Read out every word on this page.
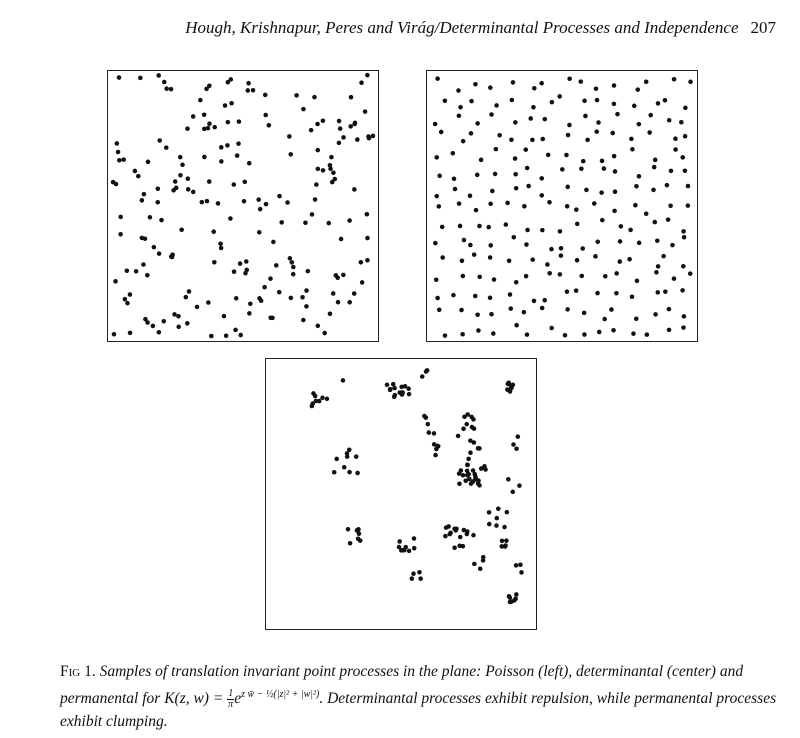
Hough, Krishnapur, Peres and Virág/Determinantal Processes and Independence 207
Fig 1. Samples of translation invariant point processes in the plane: Poisson (left), determinantal (center) and permanental for K(z, $w) = \frac{1}{\pi} e^{z w̄ - \frac{1}{2}(|z|^2 + |w|^2)}$. Determinantal processes exhibit repulsion, while permanental processes exhibit clumping.
